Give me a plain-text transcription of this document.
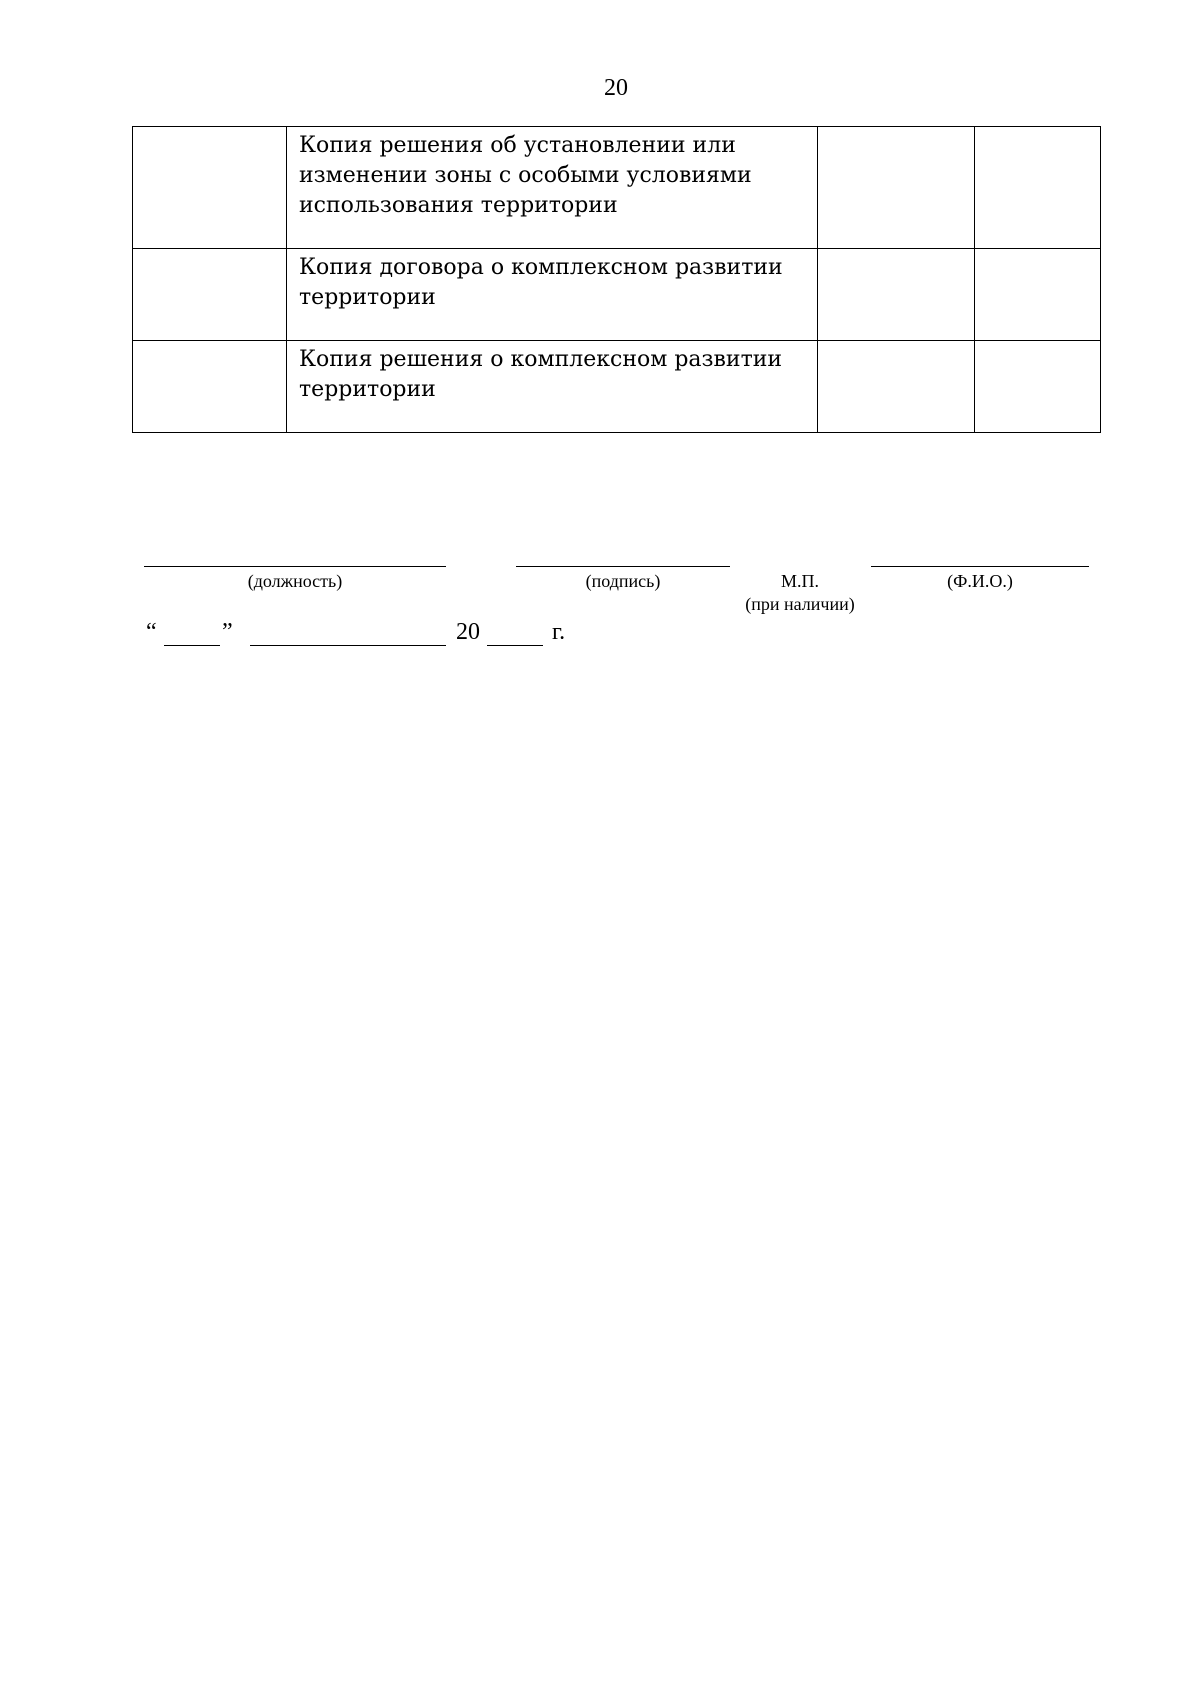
20

	Копия решения об установлении или
изменении зоны с особыми условиями
использования территории		

	Копия договора о комплексном развитии
территории		

	Копия решения о комплексном развитии
территории		

(должность)	(подпись)	М.П.
(при наличии)
(Ф.И.О.)
“	”	20	г.
